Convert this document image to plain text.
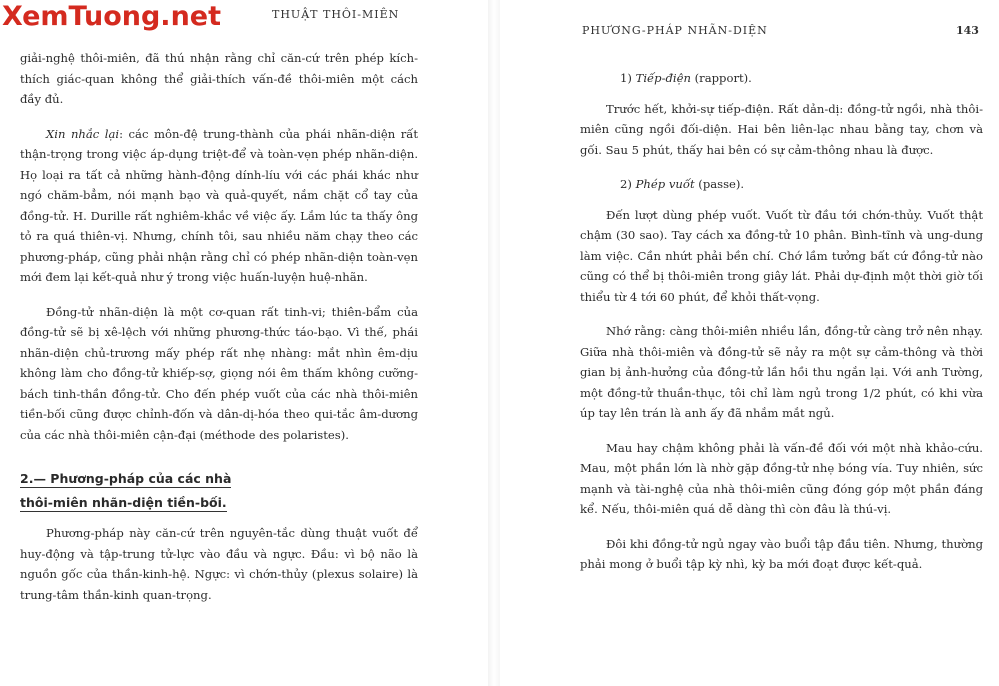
XemTuong.net	THUẬT THÔI-MIÊN

giải-nghệ thôi-miên, đã thú nhận rằng chỉ căn-cứ trên phép kích-thích giác-quan không thể giải-thích vấn-đề thôi-miên một cách đầy đủ.

Xin nhắc lại: các môn-đệ trung-thành của phái nhãn-diện rất thận-trọng trong việc áp-dụng triệt-để và toàn-vẹn phép nhãn-diện. Họ loại ra tất cả những hành-động dính-líu với các phái khác như ngó chăm-bẳm, nói mạnh bạo và quả-quyết, nắm chặt cổ tay của đồng-tử. H. Durille rất nghiêm-khắc về việc ấy. Lắm lúc ta thấy ông tỏ ra quá thiên-vị. Nhưng, chính tôi, sau nhiều năm chạy theo các phương-pháp, cũng phải nhận rằng chỉ có phép nhãn-diện toàn-vẹn mới đem lại kết-quả như ý trong việc huấn-luyện huệ-nhãn.

Đồng-tử nhãn-diện là một cơ-quan rất tinh-vi; thiên-bẩm của đồng-tử sẽ bị xê-lệch với những phương-thức táo-bạo. Vì thế, phái nhãn-diện chủ-trương mấy phép rất nhẹ nhàng: mắt nhìn êm-dịu không làm cho đồng-tử khiếp-sợ, giọng nói êm thấm không cưỡng-bách tinh-thần đồng-tử. Cho đến phép vuốt của các nhà thôi-miên tiền-bối cũng được chỉnh-đốn và dân-dị-hóa theo qui-tắc âm-dương của các nhà thôi-miên cận-đại (méthode des polaristes).

2.— Phương-pháp của các nhà
thôi-miên nhãn-diện tiền-bối.

Phương-pháp này căn-cứ trên nguyên-tắc dùng thuật vuốt để huy-động và tập-trung tử-lực vào đầu và ngực. Đầu: vì bộ não là nguồn gốc của thần-kinh-hệ. Ngực: vì chớn-thủy (plexus solaire) là trung-tâm thần-kinh quan-trọng.

PHƯƠNG-PHÁP NHÃN-DIỆN	143

1) Tiếp-điện (rapport).

Trước hết, khởi-sự tiếp-điện. Rất dản-dị: đồng-tử ngồi, nhà thôi-miên cũng ngồi đối-diện. Hai bên liên-lạc nhau bằng tay, chơn và gối. Sau 5 phút, thấy hai bên có sự cảm-thông nhau là được.

2) Phép vuốt (passe).

Đến lượt dùng phép vuốt. Vuốt từ đầu tới chớn-thủy. Vuốt thật chậm (30 sao). Tay cách xa đồng-tử 10 phân. Bình-tĩnh và ung-dung làm việc. Cần nhứt phải bền chí. Chớ lầm tưởng bất cứ đồng-tử nào cũng có thể bị thôi-miên trong giây lát. Phải dự-định một thời giờ tối thiểu từ 4 tới 60 phút, để khỏi thất-vọng.

Nhớ rằng: càng thôi-miên nhiều lần, đồng-tử càng trở nên nhạy. Giữa nhà thôi-miên và đồng-tử sẽ nảy ra một sự cảm-thông và thời gian bị ảnh-hưởng của đồng-tử lần hồi thu ngắn lại. Với anh Tường, một đồng-tử thuần-thục, tôi chỉ làm ngủ trong 1/2 phút, có khi vừa úp tay lên trán là anh ấy đã nhắm mắt ngủ.

Mau hay chậm không phải là vấn-đề đối với một nhà khảo-cứu. Mau, một phần lớn là nhờ gặp đồng-tử nhẹ bóng vía. Tuy nhiên, sức mạnh và tài-nghệ của nhà thôi-miên cũng đóng góp một phần đáng kể. Nếu, thôi-miên quá dễ dàng thì còn đâu là thú-vị.

Đôi khi đồng-tử ngủ ngay vào buổi tập đầu tiên. Nhưng, thường phải mong ở buổi tập kỳ nhì, kỳ ba mới đoạt được kết-quả.
